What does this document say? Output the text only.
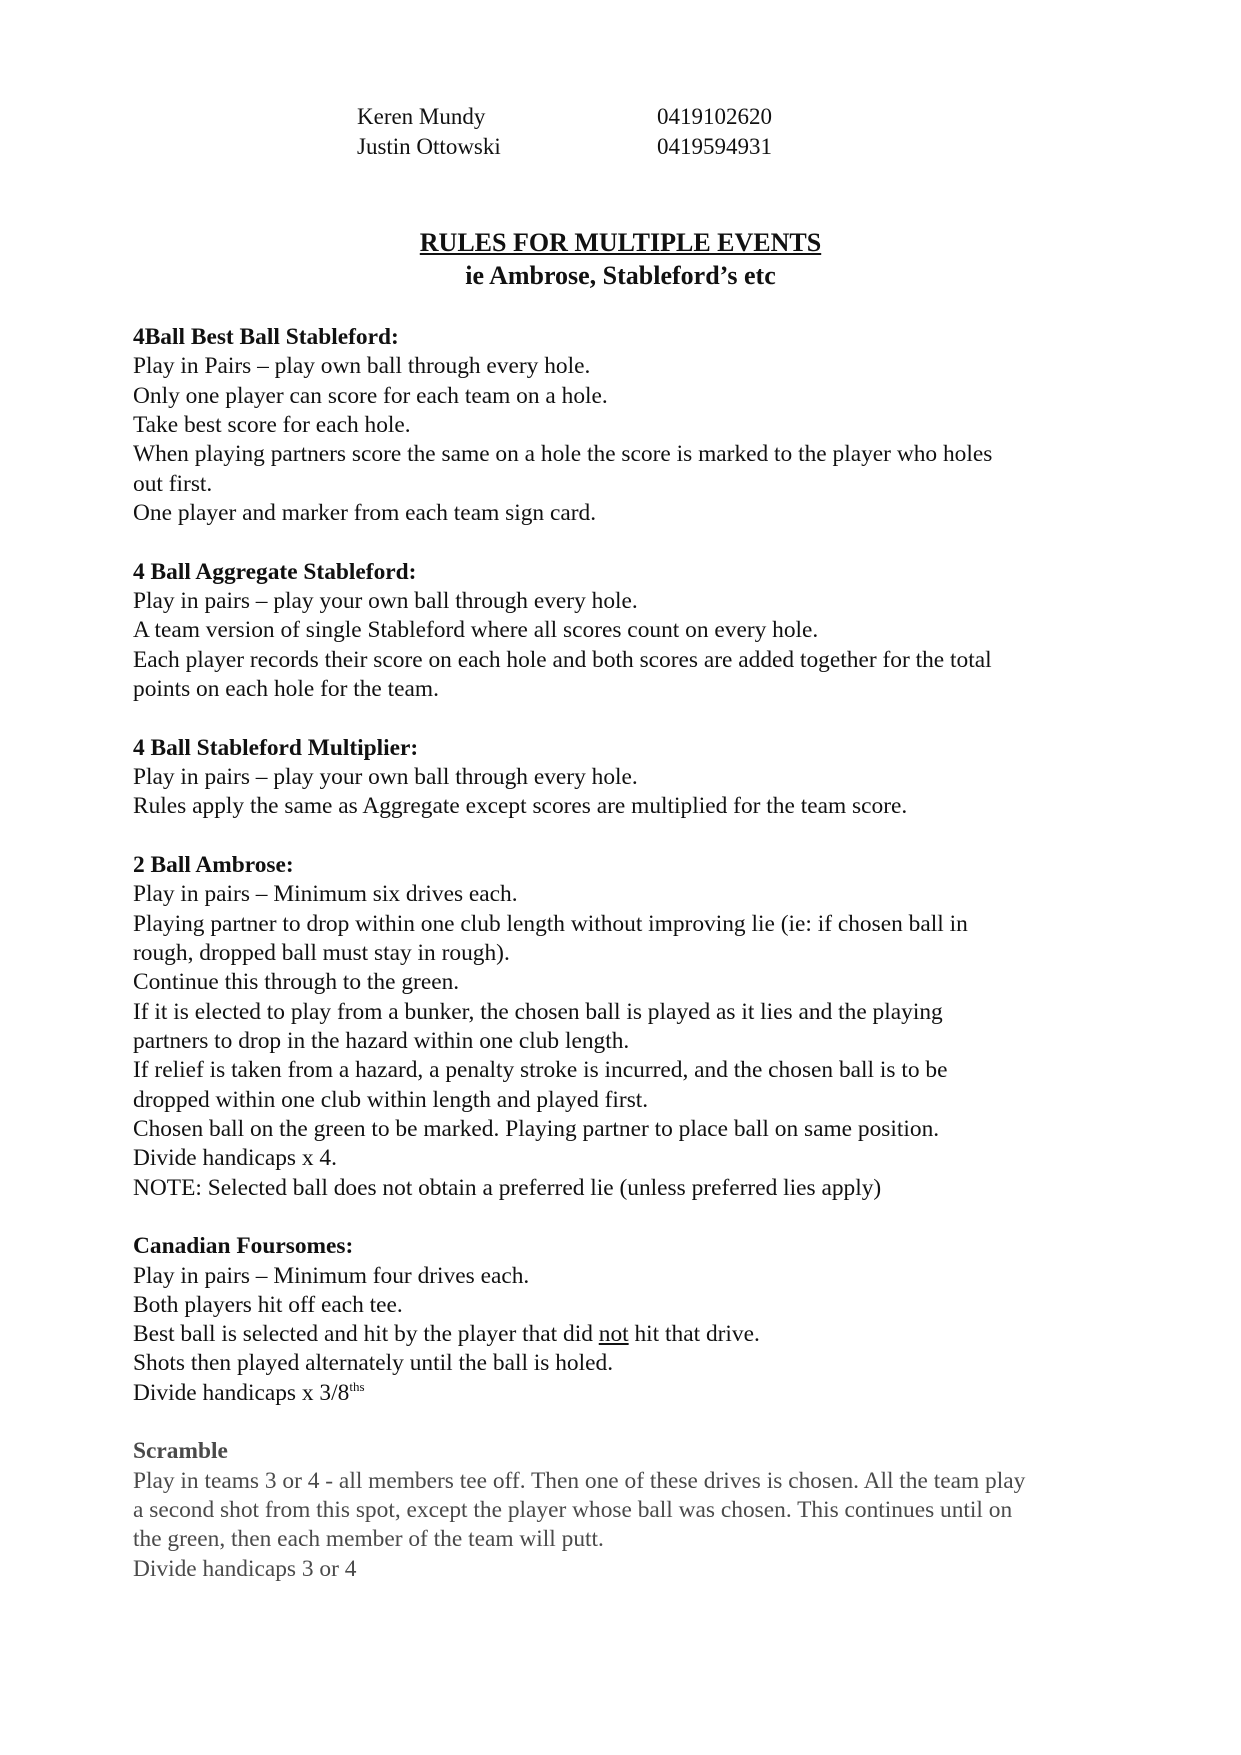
Keren Mundy	0419102620
Justin Ottowski	0419594931
RULES FOR MULTIPLE EVENTS
ie Ambrose, Stableford’s etc
4Ball Best Ball Stableford:
Play in Pairs – play own ball through every hole.
Only one player can score for each team on a hole.
Take best score for each hole.
When playing partners score the same on a hole the score is marked to the player who holes
out first.
One player and marker from each team sign card.
4 Ball Aggregate Stableford:
Play in pairs – play your own ball through every hole.
A team version of single Stableford where all scores count on every hole.
Each player records their score on each hole and both scores are added together for the total
points on each hole for the team.
4 Ball Stableford Multiplier:
Play in pairs – play your own ball through every hole.
Rules apply the same as Aggregate except scores are multiplied for the team score.
2 Ball Ambrose:
Play in pairs – Minimum six drives each.
Playing partner to drop within one club length without improving lie (ie: if chosen ball in
rough, dropped ball must stay in rough).
Continue this through to the green.
If it is elected to play from a bunker, the chosen ball is played as it lies and the playing
partners to drop in the hazard within one club length.
If relief is taken from a hazard, a penalty stroke is incurred, and the chosen ball is to be
dropped within one club within length and played first.
Chosen ball on the green to be marked. Playing partner to place ball on same position.
Divide handicaps x 4.
NOTE: Selected ball does not obtain a preferred lie (unless preferred lies apply)
Canadian Foursomes:
Play in pairs – Minimum four drives each.
Both players hit off each tee.
Best ball is selected and hit by the player that did not hit that drive.
Shots then played alternately until the ball is holed.
Divide handicaps x $3/8^{ths}$
Scramble
Play in teams 3 or 4 - all members tee off. Then one of these drives is chosen. All the team play
a second shot from this spot, except the player whose ball was chosen. This continues until on
the green, then each member of the team will putt.
Divide handicaps 3 or 4
